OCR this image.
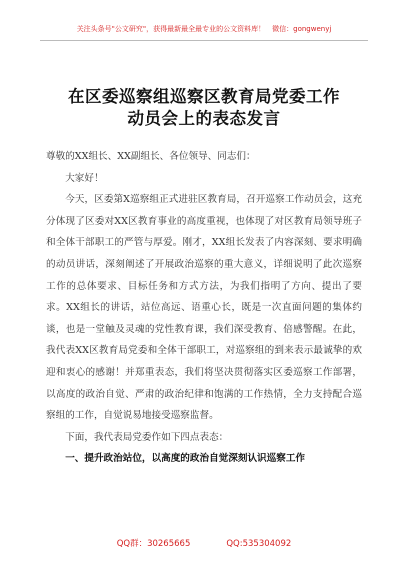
关注头条号"公文研究"，获得最新最全最专业的公文资料库！　微信：gongwenyj
在区委巡察组巡察区教育局党委工作
动员会上的表态发言

尊敬的XX组长、XX副组长、各位领导、同志们：

大家好！

今天，区委第X巡察组正式进驻区教育局，召开巡察工作动员会，这充分体现了区委对XX区教育事业的高度重视，也体现了对区教育局领导班子和全体干部职工的严管与厚爱。刚才，XX组长发表了内容深刻、要求明确的动员讲话，深刻阐述了开展政治巡察的重大意义，详细说明了此次巡察工作的总体要求、目标任务和方式方法，为我们指明了方向、提出了要求。XX组长的讲话，站位高远、语重心长，既是一次直面问题的集体约谈，也是一堂触及灵魂的党性教育课，我们深受教育、倍感警醒。在此，我代表XX区教育局党委和全体干部职工，对巡察组的到来表示最诚挚的欢迎和衷心的感谢！并郑重表态，我们将坚决贯彻落实区委巡察工作部署，以高度的政治自觉、严肃的政治纪律和饱满的工作热情，全力支持配合巡察组的工作，自觉说易地接受巡察监督。

下面，我代表局党委作如下四点表态：

一、提升政治站位，以高度的政治自觉深刻认识巡察工作

QQ群：30265665	QQ:535304092
